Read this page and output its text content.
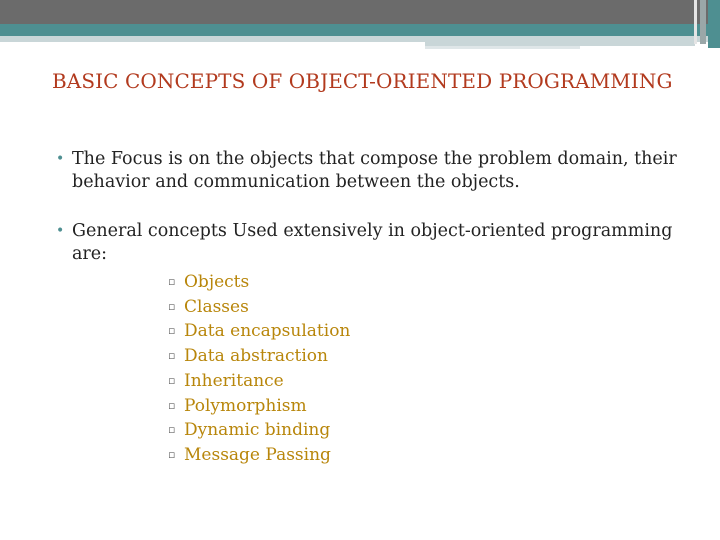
BASIC CONCEPTS OF OBJECT-ORIENTED PROGRAMMING
• The Focus is on the objects that compose the problem domain, their behavior and communication between the objects.
• General concepts Used extensively in object-oriented programming are:
▫ Objects
▫ Classes
▫ Data encapsulation
▫ Data abstraction
▫ Inheritance
▫ Polymorphism
▫ Dynamic binding
▫ Message Passing
